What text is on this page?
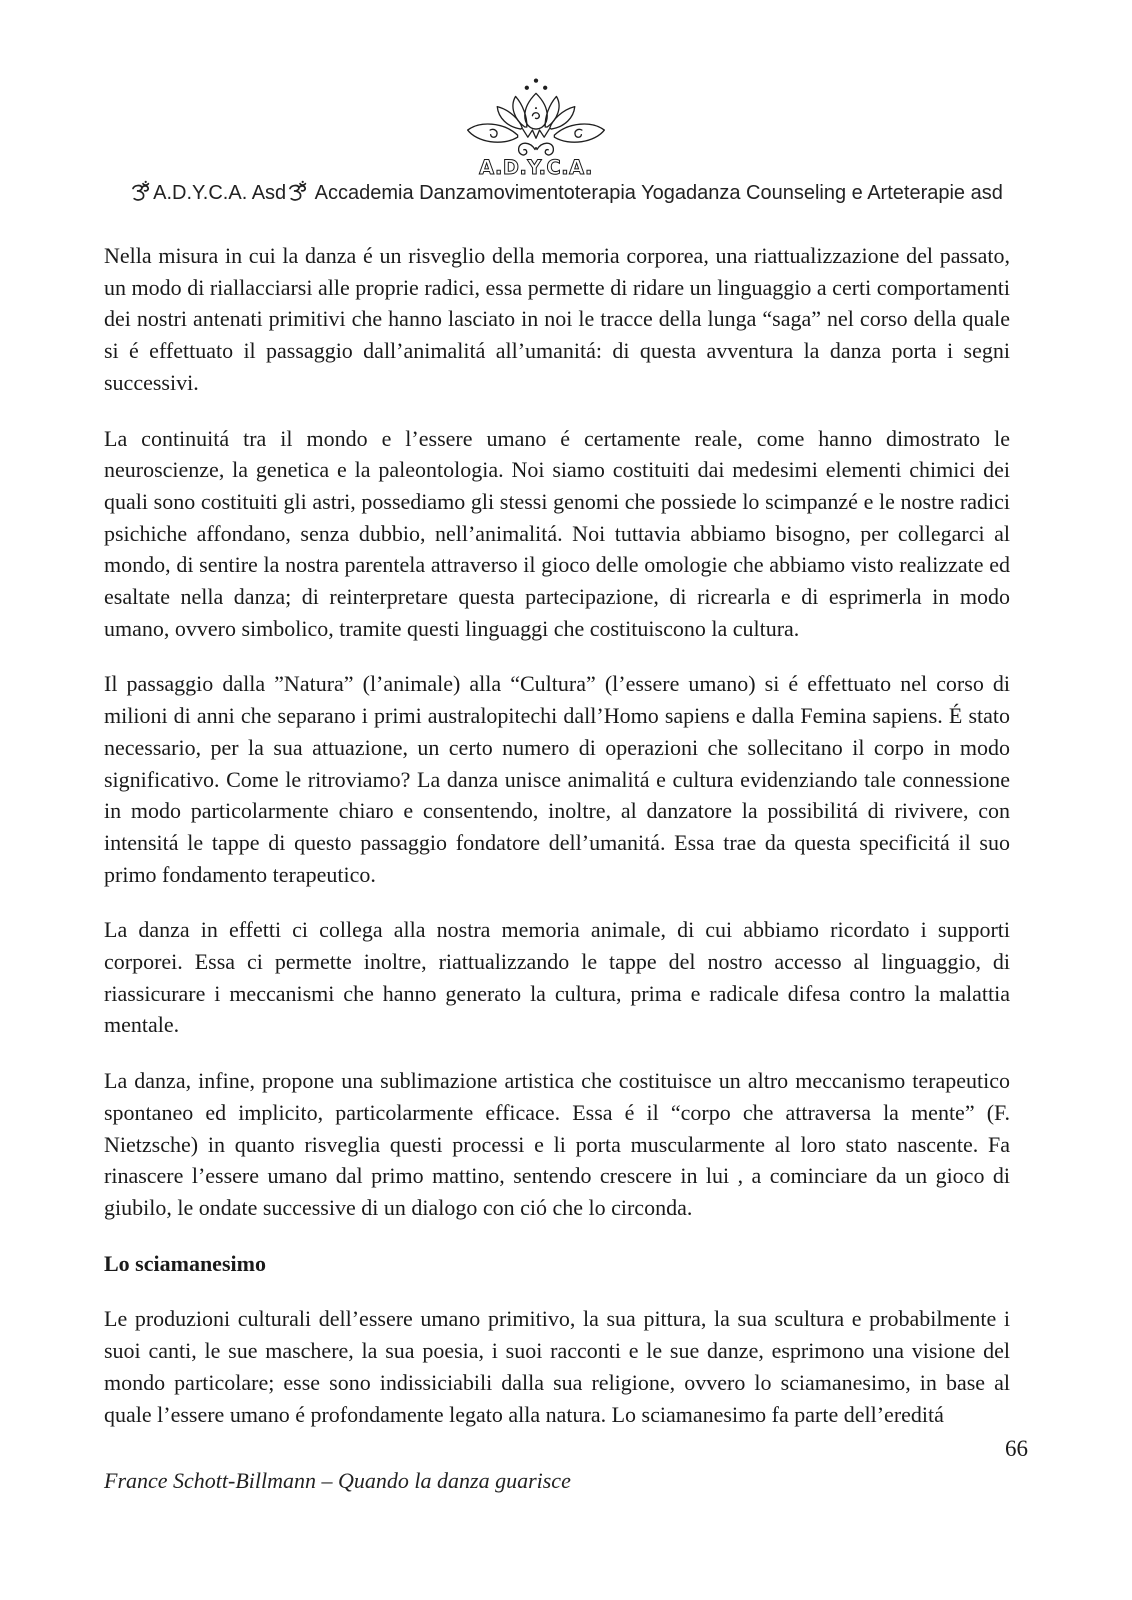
A.D.Y.C.A.
A.D.Y.C.A. Asd Accademia Danzamovimentoterapia Yogadanza Counseling e Arteterapie asd

Nella misura in cui la danza é un risveglio della memoria corporea, una riattualizzazione del passato, un modo di riallacciarsi alle proprie radici, essa permette di ridare un linguaggio a certi comportamenti dei nostri antenati primitivi che hanno lasciato in noi le tracce della lunga “saga” nel corso della quale si é effettuato il passaggio dall’animalitá all’umanitá: di questa avventura la danza porta i segni successivi.

La continuitá tra il mondo e l’essere umano é certamente reale, come hanno dimostrato le neuroscienze, la genetica e la paleontologia. Noi siamo costituiti dai medesimi elementi chimici dei quali sono costituiti gli astri, possediamo gli stessi genomi che possiede lo scimpanzé e le nostre radici psichiche affondano, senza dubbio, nell’animalitá. Noi tuttavia abbiamo bisogno, per collegarci al mondo, di sentire la nostra parentela attraverso il gioco delle omologie che abbiamo visto realizzate ed esaltate nella danza; di reinterpretare questa partecipazione, di ricrearla e di esprimerla in modo umano, ovvero simbolico, tramite questi linguaggi che costituiscono la cultura.

Il passaggio dalla ”Natura” (l’animale) alla “Cultura” (l’essere umano) si é effettuato nel corso di milioni di anni che separano i primi australopitechi dall’Homo sapiens e dalla Femina sapiens. É stato necessario, per la sua attuazione, un certo numero di operazioni che sollecitano il corpo in modo significativo. Come le ritroviamo? La danza unisce animalitá e cultura evidenziando tale connessione in modo particolarmente chiaro e consentendo, inoltre, al danzatore la possibilitá di rivivere, con intensitá le tappe di questo passaggio fondatore dell’umanitá. Essa trae da questa specificitá il suo primo fondamento terapeutico.

La danza in effetti ci collega alla nostra memoria animale, di cui abbiamo ricordato i supporti corporei. Essa ci permette inoltre, riattualizzando le tappe del nostro accesso al linguaggio, di riassicurare i meccanismi che hanno generato la cultura, prima e radicale difesa contro la malattia mentale.

La danza, infine, propone una sublimazione artistica che costituisce un altro meccanismo terapeutico spontaneo ed implicito, particolarmente efficace. Essa é il “corpo che attraversa la mente” (F. Nietzsche) in quanto risveglia questi processi e li porta muscularmente al loro stato nascente. Fa rinascere l’essere umano dal primo mattino, sentendo crescere in lui , a cominciare da un gioco di giubilo, le ondate successive di un dialogo con ció che lo circonda.

Lo sciamanesimo

Le produzioni culturali dell’essere umano primitivo, la sua pittura, la sua scultura e probabilmente i suoi canti, le sue maschere, la sua poesia, i suoi racconti e le sue danze, esprimono una visione del mondo particolare; esse sono indissiciabili dalla sua religione, ovvero lo sciamanesimo, in base al quale l’essere umano é profondamente legato alla natura. Lo sciamanesimo fa parte dell’ereditá

66
France Schott-Billmann – Quando la danza guarisce
